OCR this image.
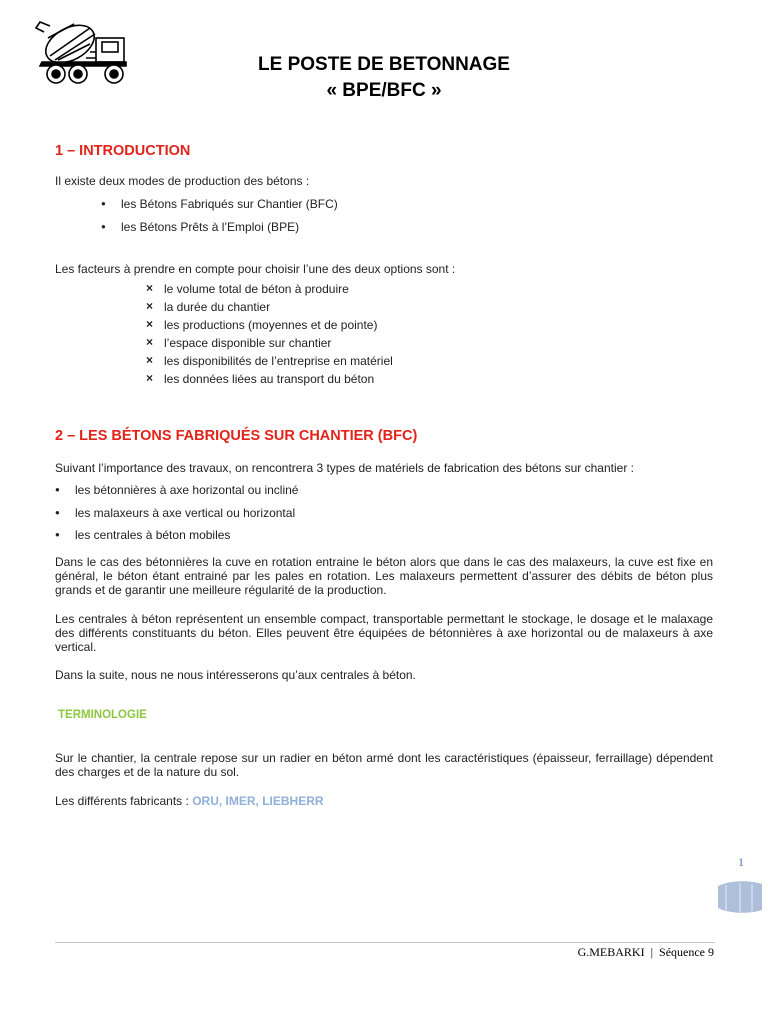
LE POSTE DE BETONNAGE
« BPE/BFC »
1 – INTRODUCTION

Il existe deux modes de production des bétons :

● les Bétons Fabriqués sur Chantier (BFC)
● les Bétons Prêts à l’Emploi (BPE)

Les facteurs à prendre en compte pour choisir l’une des deux options sont :

× le volume total de béton à produire
× la durée du chantier
× les productions (moyennes et de pointe)
× l’espace disponible sur chantier
× les disponibilités de l’entreprise en matériel
× les données liées au transport du béton
2 – LES BÉTONS FABRIQUÉS SUR CHANTIER (BFC)

Suivant l’importance des travaux, on rencontrera 3 types de matériels de fabrication des bétons sur chantier :

● les bétonnières à axe horizontal ou incliné
● les malaxeurs à axe vertical ou horizontal
● les centrales à béton mobiles

Dans le cas des bétonnières la cuve en rotation entraine le béton alors que dans le cas des malaxeurs, la cuve est fixe en général, le béton étant entrainé par les pales en rotation. Les malaxeurs permettent d’assurer des débits de béton plus grands et de garantir une meilleure régularité de la production.

Les centrales à béton représentent un ensemble compact, transportable permettant le stockage, le dosage et le malaxage des différents constituants du béton. Elles peuvent être équipées de bétonnières à axe horizontal ou de malaxeurs à axe vertical.

Dans la suite, nous ne nous intéresserons qu’aux centrales à béton.

TERMINOLOGIE

Sur le chantier, la centrale repose sur un radier en béton armé dont les caractéristiques (épaisseur, ferraillage) dépendent des charges et de la nature du sol.

Les différents fabricants : ORU, IMER, LIEBHERR

1
G.MEBARKI  |  Séquence 9
